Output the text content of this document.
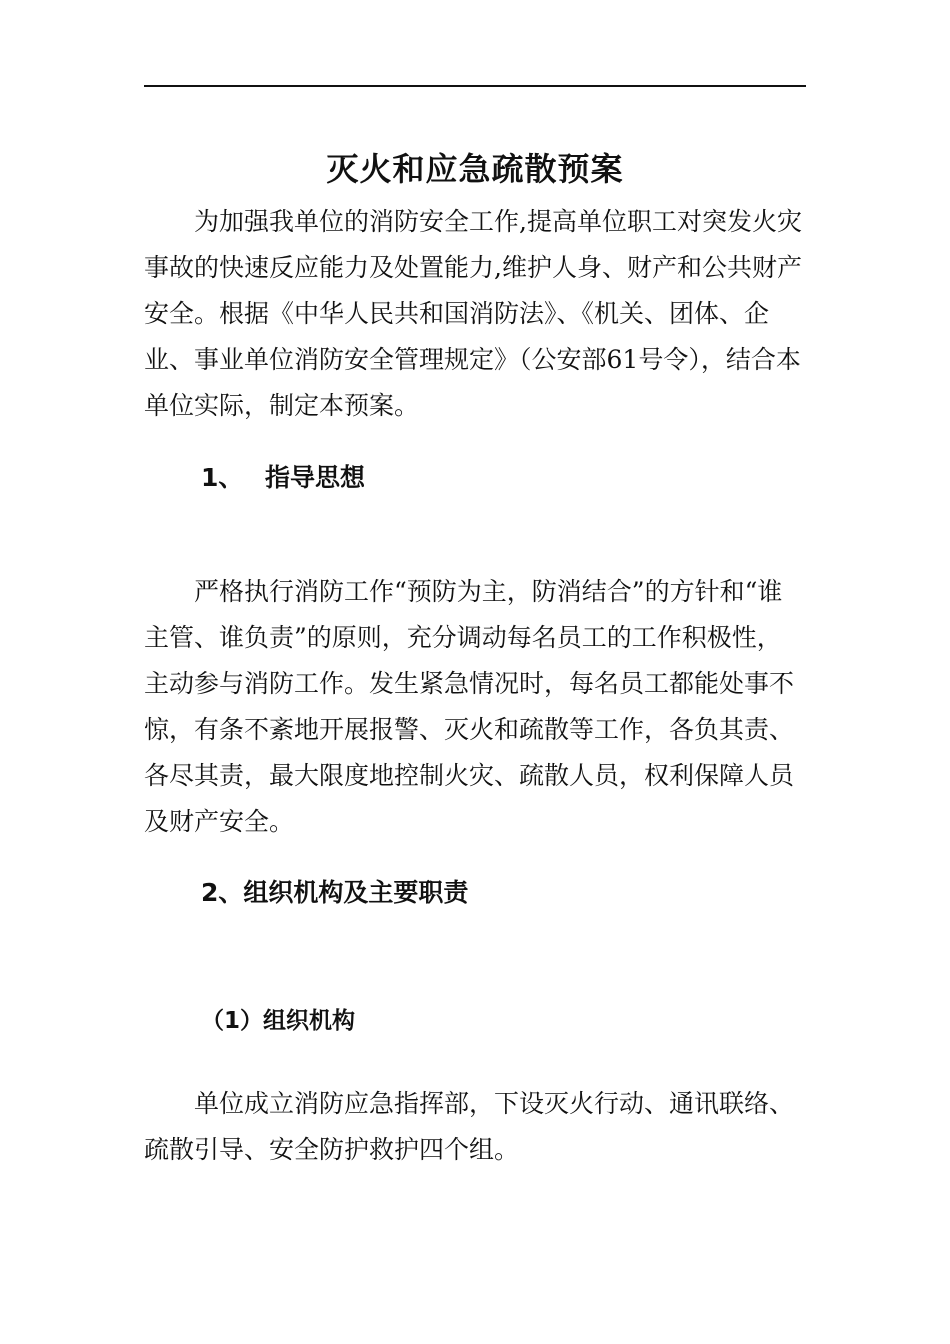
灭火和应急疏散预案

为加强我单位的消防安全工作,提高单位职工对突发火灾事故的快速反应能力及处置能力,维护人身、财产和公共财产安全。根据《中华人民共和国消防法》、《机关、团体、企业、事业单位消防安全管理规定》（公安部61号令），结合本单位实际，制定本预案。

1、 指导思想

严格执行消防工作“预防为主，防消结合”的方针和“谁主管、谁负责”的原则，充分调动每名员工的工作积极性，主动参与消防工作。发生紧急情况时，每名员工都能处事不惊，有条不紊地开展报警、灭火和疏散等工作，各负其责、各尽其责，最大限度地控制火灾、疏散人员，权利保障人员及财产安全。

2、组织机构及主要职责
（1）组织机构

单位成立消防应急指挥部，下设灭火行动、通讯联络、疏散引导、安全防护救护四个组。
